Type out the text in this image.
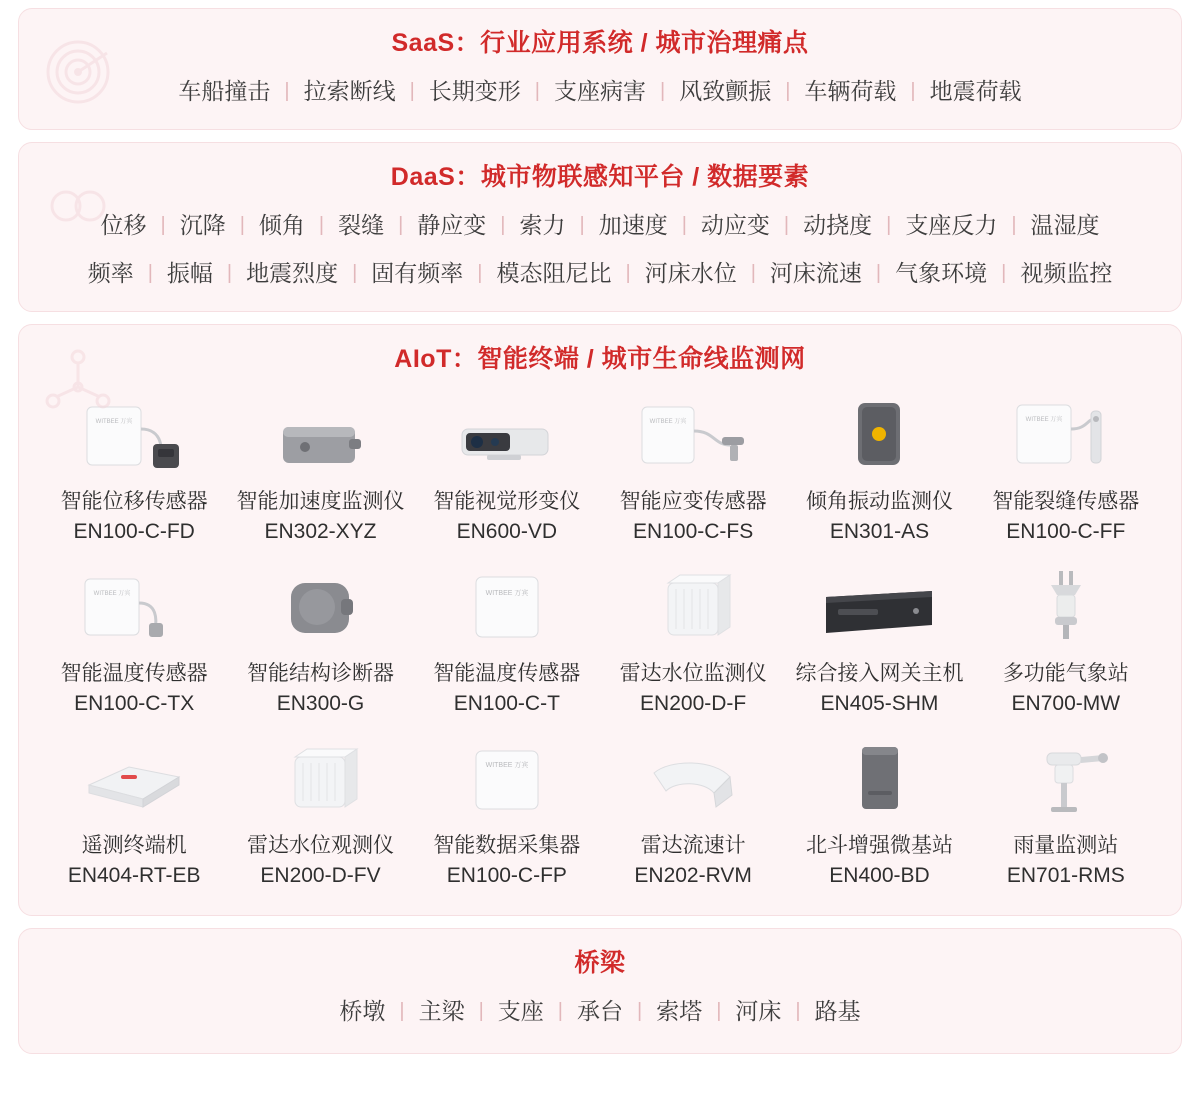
SaaS：行业应用系统 / 城市治理痛点
车船撞击 | 拉索断线 | 长期变形 | 支座病害 | 风致颤振 | 车辆荷载 | 地震荷载
DaaS：城市物联感知平台 / 数据要素
位移 | 沉降 | 倾角 | 裂缝 | 静应变 | 索力 | 加速度 | 动应变 | 动挠度 | 支座反力 | 温湿度
频率 | 振幅 | 地震烈度 | 固有频率 | 模态阻尼比 | 河床水位 | 河床流速 | 气象环境 | 视频监控
AIoT：智能终端 / 城市生命线监测网
WITBEE 万宾
智能位移传感器
EN100-C-FD
智能加速度监测仪
EN302-XYZ
智能视觉形变仪
EN600-VD
WITBEE 万宾
智能应变传感器
EN100-C-FS
倾角振动监测仪
EN301-AS
WITBEE 万宾
智能裂缝传感器
EN100-C-FF
WITBEE 万宾
智能温度传感器
EN100-C-TX
智能结构诊断器
EN300-G
WITBEE 万宾
智能温度传感器
EN100-C-T
雷达水位监测仪
EN200-D-F
综合接入网关主机
EN405-SHM
多功能气象站
EN700-MW
遥测终端机
EN404-RT-EB
雷达水位观测仪
EN200-D-FV
WITBEE 万宾
智能数据采集器
EN100-C-FP
雷达流速计
EN202-RVM
北斗增强微基站
EN400-BD
雨量监测站
EN701-RMS
桥梁
桥墩 | 主梁 | 支座 | 承台 | 索塔 | 河床 | 路基
